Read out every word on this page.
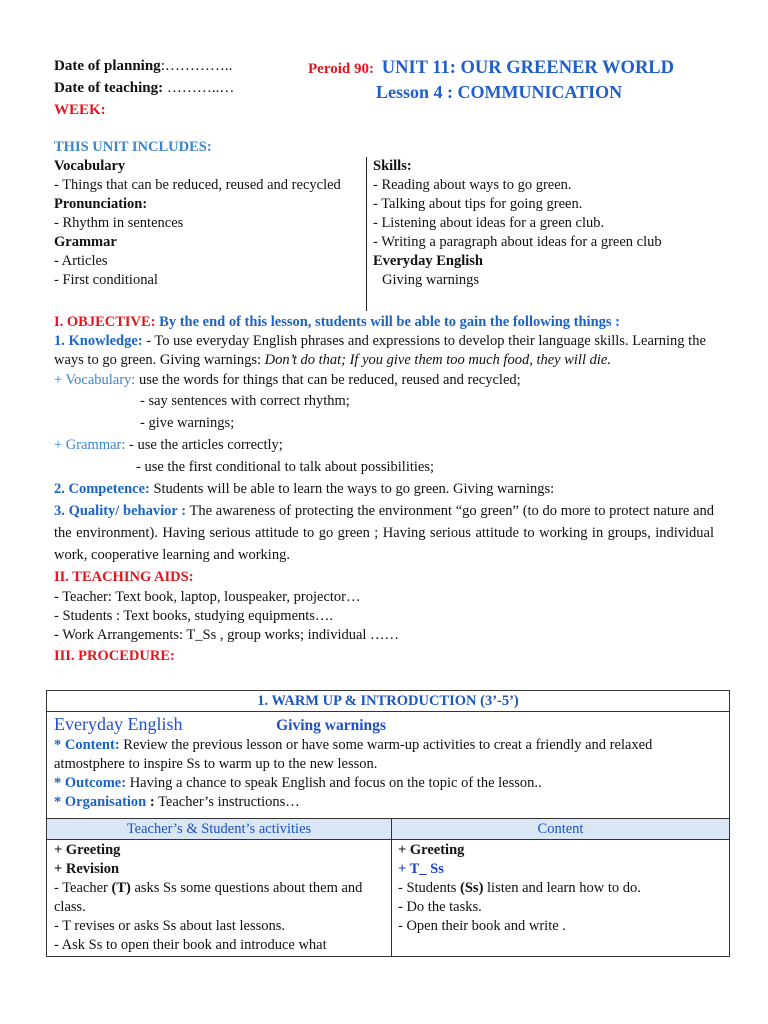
Date of planning:…………..
Date of teaching: ………..…
WEEK:
Peroid 90: UNIT 11: OUR GREENER WORLD
Lesson 4 : COMMUNICATION
THIS UNIT INCLUDES:
Vocabulary
- Things that can be reduced, reused and recycled
Pronunciation:
- Rhythm in sentences
Grammar
- Articles
- First conditional
Skills:
- Reading about ways to go green.
- Talking about tips for going green.
- Listening about ideas for a green club.
- Writing a paragraph about ideas for a green club
Everyday English
Giving warnings
I. OBJECTIVE: By the end of this lesson, students will be able to gain the following things :
1. Knowledge: - To use everyday English phrases and expressions to develop their language skills. Learning the ways to go green. Giving warnings: Don’t do that; If you give them too much food, they will die.
+ Vocabulary: use the words for things that can be reduced, reused and recycled;
- say sentences with correct rhythm;
- give warnings;
+ Grammar: - use the articles correctly;
- use the first conditional to talk about possibilities;
2. Competence: Students will be able to learn the ways to go green. Giving warnings:
3. Quality/ behavior : The awareness of protecting the environment “go green” (to do more to protect nature and the environment). Having serious attitude to go green ; Having serious attitude to working in groups, individual work, cooperative learning and working.
II. TEACHING AIDS:
- Teacher: Text book, laptop, louspeaker, projector…
- Students : Text books, studying equipments….
- Work Arrangements: T_Ss , group works; individual ……
III. PROCEDURE:
1. WARM UP & INTRODUCTION (3’-5’)
Everyday English	Giving warnings
* Content: Review the previous lesson or have some warm-up activities to creat a friendly and relaxed atmostphere to inspire Ss to warm up to the new lesson.
* Outcome: Having a chance to speak English and focus on the topic of the lesson..
* Organisation : Teacher’s instructions…
Teacher’s & Student’s activities	Content
+ Greeting
+ Revision
- Teacher (T) asks Ss some questions about them and class.
- T revises or asks Ss about last lessons.
- Ask Ss to open their book and introduce what
+ Greeting
+ T_ Ss
- Students (Ss) listen and learn how to do.
- Do the tasks.
- Open their book and write .
